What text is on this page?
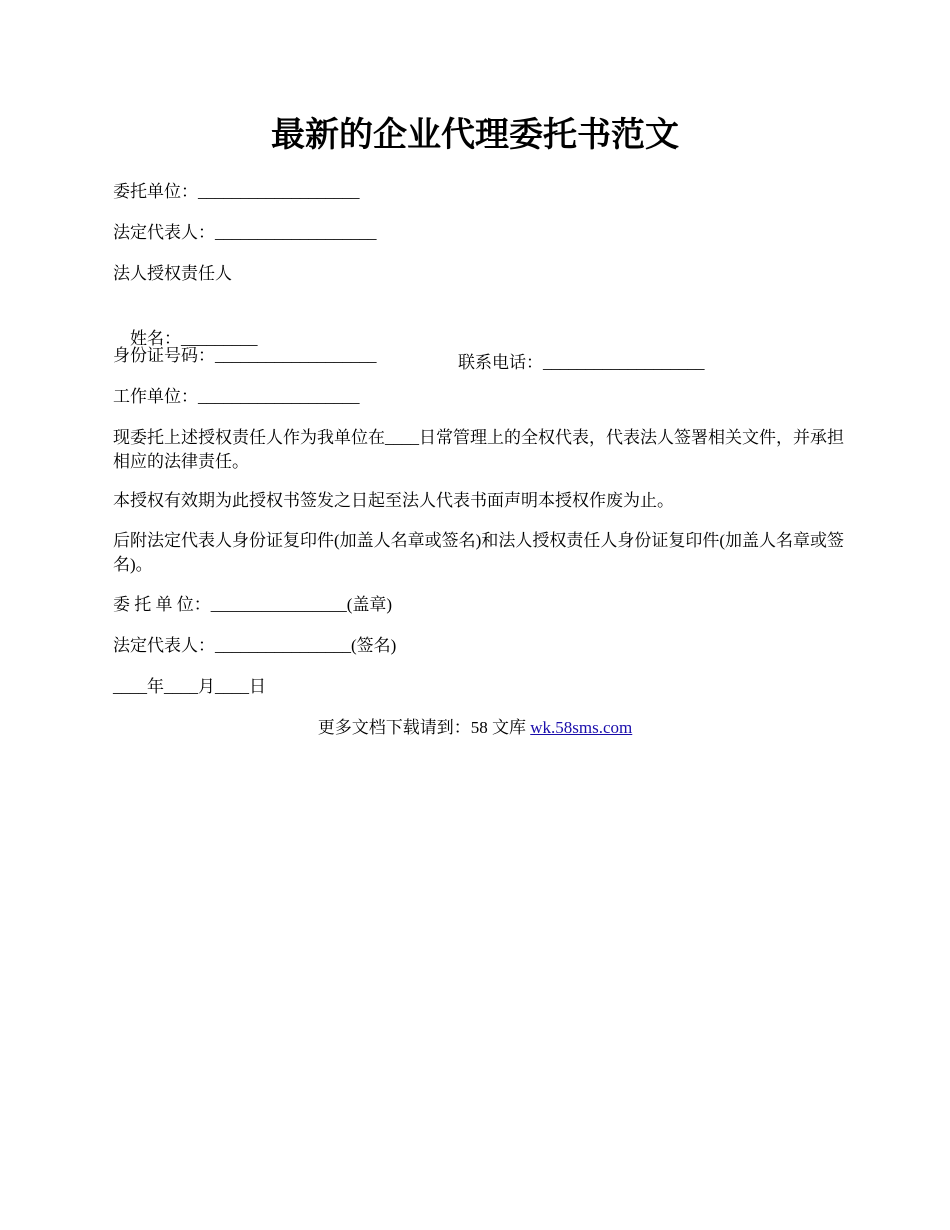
最新的企业代理委托书范文
委托单位：___________________
法定代表人：___________________
法人授权责任人

姓名：_________

联系电话：___________________

身份证号码：___________________
工作单位：___________________
现委托上述授权责任人作为我单位在____日常管理上的全权代表，代表法人签署相关文件，并承担相应的法律责任。
本授权有效期为此授权书签发之日起至法人代表书面声明本授权作废为止。
后附法定代表人身份证复印件(加盖人名章或签名)和法人授权责任人身份证复印件(加盖人名章或签名)。
委 托 单 位：________________(盖章)
法定代表人：________________(签名)
____年____月____日
更多文档下载请到：58 文库 wk.58sms.com
